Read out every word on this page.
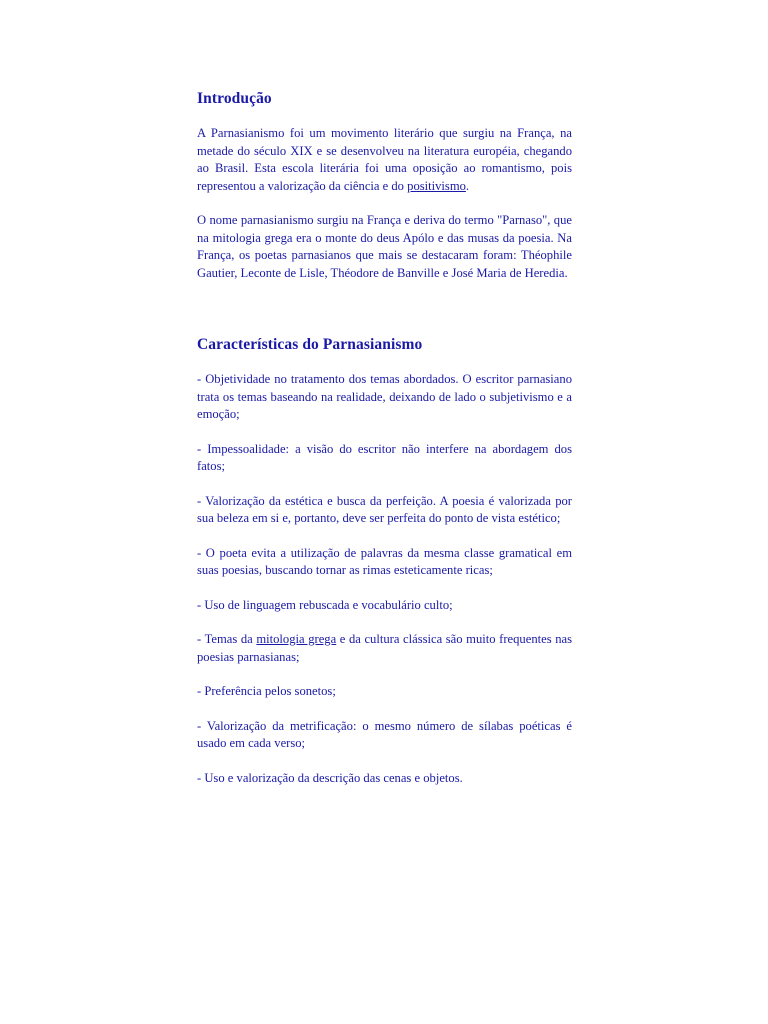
Introdução

A Parnasianismo foi um movimento literário que surgiu na França, na metade do século XIX e se desenvolveu na literatura européia, chegando ao Brasil. Esta escola literária foi uma oposição ao romantismo, pois representou a valorização da ciência e do positivismo.

O nome parnasianismo surgiu na França e deriva do termo "Parnaso", que na mitologia grega era o monte do deus Apólo e das musas da poesia. Na França, os poetas parnasianos que mais se destacaram foram: Théophile Gautier, Leconte de Lisle, Théodore de Banville e José Maria de Heredia.

Características do Parnasianismo

- Objetividade no tratamento dos temas abordados. O escritor parnasiano trata os temas baseando na realidade, deixando de lado o subjetivismo e a emoção;

- Impessoalidade: a visão do escritor não interfere na abordagem dos fatos;

- Valorização da estética e busca da perfeição. A poesia é valorizada por sua beleza em si e, portanto, deve ser perfeita do ponto de vista estético;

- O poeta evita a utilização de palavras da mesma classe gramatical em suas poesias, buscando tornar as rimas esteticamente ricas;

- Uso de linguagem rebuscada e vocabulário culto;

- Temas da mitologia grega e da cultura clássica são muito frequentes nas poesias parnasianas;

- Preferência pelos sonetos;

- Valorização da metrificação: o mesmo número de sílabas poéticas é usado em cada verso;

- Uso e valorização da descrição das cenas e objetos.
